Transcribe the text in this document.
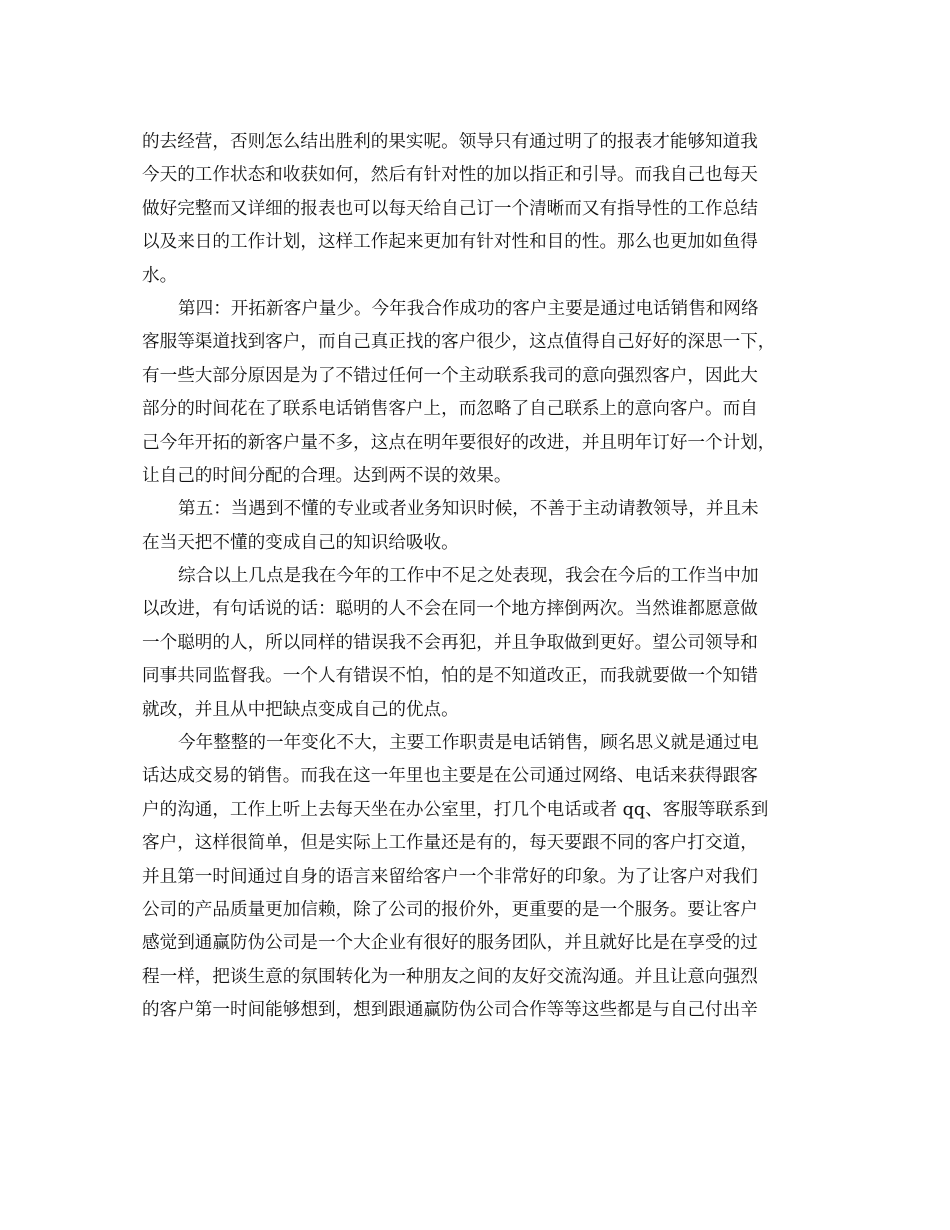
的去经营，否则怎么结出胜利的果实呢。领导只有通过明了的报表才能够知道我
今天的工作状态和收获如何，然后有针对性的加以指正和引导。而我自己也每天
做好完整而又详细的报表也可以每天给自己订一个清晰而又有指导性的工作总结
以及来日的工作计划，这样工作起来更加有针对性和目的性。那么也更加如鱼得
水。

第四：开拓新客户量少。今年我合作成功的客户主要是通过电话销售和网络
客服等渠道找到客户，而自己真正找的客户很少，这点值得自己好好的深思一下，
有一些大部分原因是为了不错过任何一个主动联系我司的意向强烈客户，因此大
部分的时间花在了联系电话销售客户上，而忽略了自己联系上的意向客户。而自
己今年开拓的新客户量不多，这点在明年要很好的改进，并且明年订好一个计划，
让自己的时间分配的合理。达到两不误的效果。

第五：当遇到不懂的专业或者业务知识时候，不善于主动请教领导，并且未
在当天把不懂的变成自己的知识给吸收。

综合以上几点是我在今年的工作中不足之处表现，我会在今后的工作当中加
以改进，有句话说的话：聪明的人不会在同一个地方摔倒两次。当然谁都愿意做
一个聪明的人，所以同样的错误我不会再犯，并且争取做到更好。望公司领导和
同事共同监督我。一个人有错误不怕，怕的是不知道改正，而我就要做一个知错
就改，并且从中把缺点变成自己的优点。

今年整整的一年变化不大，主要工作职责是电话销售，顾名思义就是通过电
话达成交易的销售。而我在这一年里也主要是在公司通过网络、电话来获得跟客
户的沟通，工作上听上去每天坐在办公室里，打几个电话或者 qq、客服等联系到
客户，这样很简单，但是实际上工作量还是有的，每天要跟不同的客户打交道，
并且第一时间通过自身的语言来留给客户一个非常好的印象。为了让客户对我们
公司的产品质量更加信赖，除了公司的报价外，更重要的是一个服务。要让客户
感觉到通赢防伪公司是一个大企业有很好的服务团队，并且就好比是在享受的过
程一样，把谈生意的氛围转化为一种朋友之间的友好交流沟通。并且让意向强烈
的客户第一时间能够想到，想到跟通赢防伪公司合作等等这些都是与自己付出辛
